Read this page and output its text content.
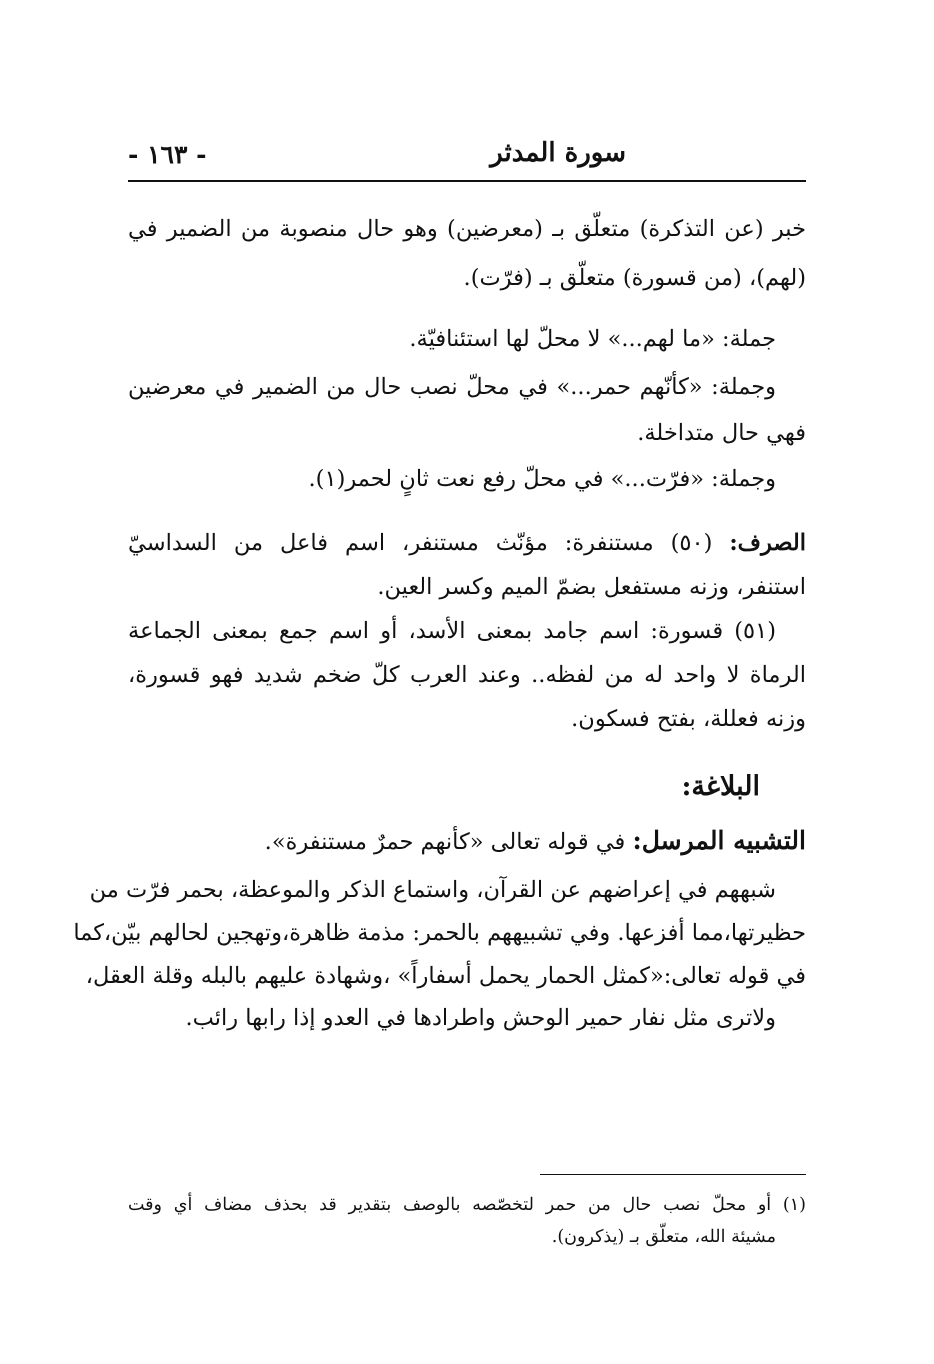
سورة المدثر
- ١٦٣ -
خبر (عن التذكرة) متعلّق بـ (معرضين) وهو حال منصوبة من الضمير في
(لهم)، (من قسورة) متعلّق بـ (فرّت).
جملة: «ما لهم...» لا محلّ لها استئنافيّة.
وجملة: «كأنّهم حمر...» في محلّ نصب حال من الضمير في معرضين
فهي حال متداخلة.
وجملة: «فرّت...» في محلّ رفع نعت ثانٍ لحمر(١).
الصرف: (٥٠) مستنفرة: مؤنّث مستنفر، اسم فاعل من السداسيّ
استنفر، وزنه مستفعل بضمّ الميم وكسر العين.
(٥١) قسورة: اسم جامد بمعنى الأسد، أو اسم جمع بمعنى الجماعة
الرماة لا واحد له من لفظه.. وعند العرب كلّ ضخم شديد فهو قسورة،
وزنه فعللة، بفتح فسكون.
البلاغة:
التشبيه المرسل: في قوله تعالى «كأنهم حمرٌ مستنفرة».
شبههم في إعراضهم عن القرآن، واستماع الذكر والموعظة، بحمر فرّت من
حظيرتها،مما أفزعها. وفي تشبيههم بالحمر: مذمة ظاهرة،وتهجين لحالهم بيّن،كما
في قوله تعالى:«كمثل الحمار يحمل أسفاراً» ،وشهادة عليهم بالبله وقلة العقل،
ولاترى مثل نفار حمير الوحش واطرادها في العدو إذا رابها رائب.
(١) أو محلّ نصب حال من حمر لتخصّصه بالوصف بتقدير قد بحذف مضاف أي وقت
مشيئة الله، متعلّق بـ (يذكرون).
